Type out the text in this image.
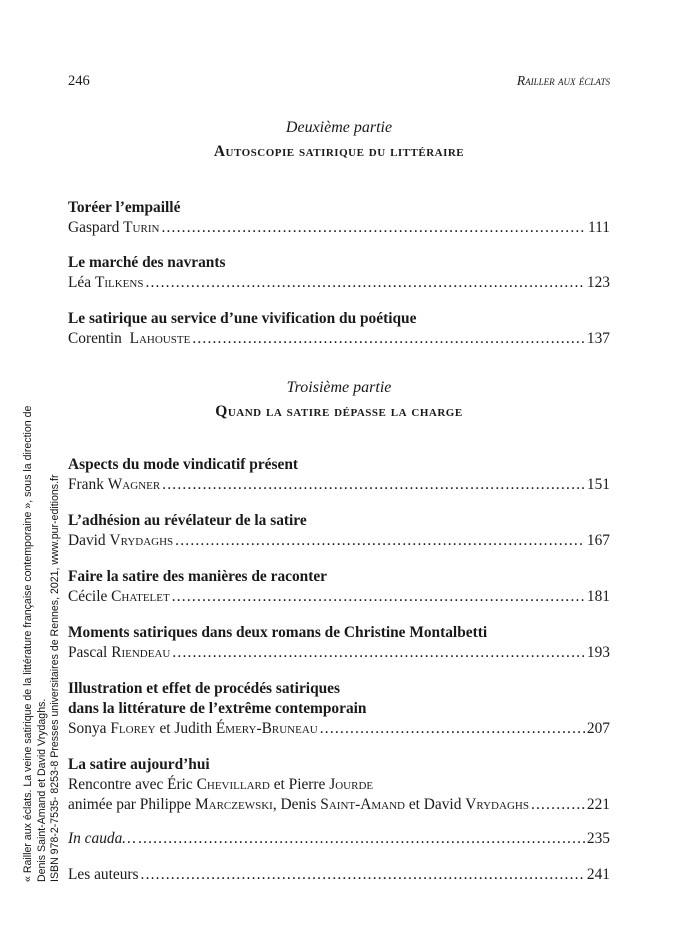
« Railler aux éclats. La veine satirique de la littérature française contemporaine », sous la direction de Denis Saint-Amand et David Vrydaghs. ISBN 978-2-7535- 8253-8 Presses universitaires de Rennes, 2021, www.pur-editions.fr
246	Railler aux éclats
Deuxième partie
Autoscopie satirique du littéraire
Toréer l’empaillé
Gaspard Turin .....	111
Le marché des navrants
Léa Tilkens .....	123
Le satirique au service d’une vivification du poétique
Corentin Lahouste .....	137
Troisième partie
Quand la satire dépasse la charge
Aspects du mode vindicatif présent
Frank Wagner .....	151
L’adhésion au révélateur de la satire
David Vrydaghs .....	167
Faire la satire des manières de raconter
Cécile Chatelet .....	181
Moments satiriques dans deux romans de Christine Montalbetti
Pascal Riendeau .....	193
Illustration et effet de procédés satiriques
dans la littérature de l’extrême contemporain
Sonya Florey et Judith Émery-Bruneau .....	207
La satire aujourd’hui
Rencontre avec Éric Chevillard et Pierre Jourde
animée par Philippe Marczewski, Denis Saint-Amand et David Vrydaghs .....	221
In cauda… .....	235
Les auteurs .....	241
